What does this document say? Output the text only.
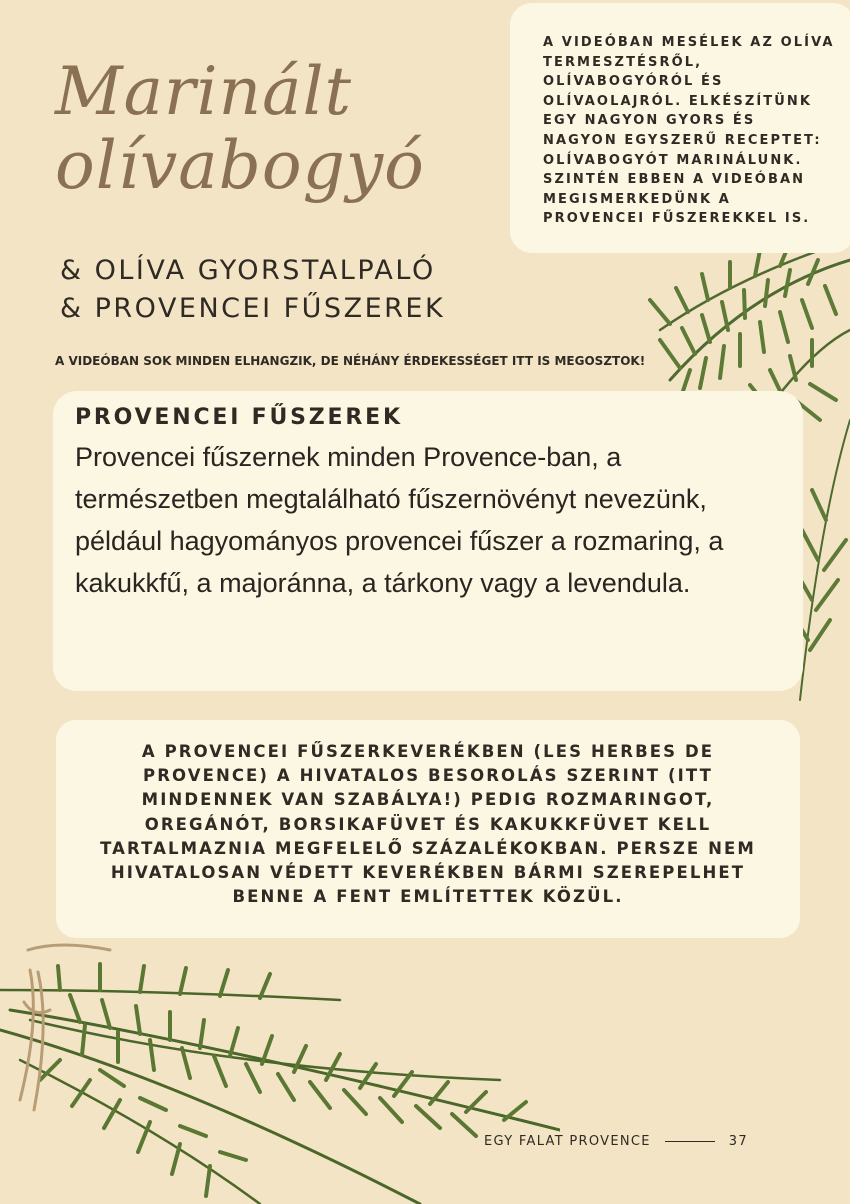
A VIDEÓBAN MESÉLEK AZ OLÍVA TERMESZTÉSRŐL, OLÍVABOGYÓRÓL ÉS OLÍVAOLAJRÓL. ELKÉSZÍTÜNK EGY NAGYON GYORS ÉS NAGYON EGYSZERŰ RECEPTET: OLÍVABOGYÓT MARINÁLUNK. SZINTÉN EBBEN A VIDEÓBAN MEGISMERKEDÜNK A PROVENCEI FŰSZEREKKEL IS.

Marinált
olívabogyó
& OLÍVA GYORSTALPALÓ
& PROVENCEI FŰSZEREK

A VIDEÓBAN SOK MINDEN ELHANGZIK, DE NÉHÁNY ÉRDEKESSÉGET ITT IS MEGOSZTOK!

PROVENCEI FŰSZEREK

Provencei fűszernek minden Provence-ban, a természetben megtalálható fűszernövényt nevezünk, például hagyományos provencei fűszer a rozmaring, a kakukkfű, a majoránna, a tárkony vagy a levendula.

A PROVENCEI FŰSZERKEVERÉKBEN (LES HERBES DE PROVENCE) A HIVATALOS BESOROLÁS SZERINT (ITT MINDENNEK VAN SZABÁLYA!) PEDIG ROZMARINGOT, OREGÁNÓT, BORSIKAFÜVET ÉS KAKUKKFÜVET KELL TARTALMAZNIA MEGFELELŐ SZÁZALÉKOKBAN. PERSZE NEM HIVATALOSAN VÉDETT KEVERÉKBEN BÁRMI SZEREPELHET BENNE A FENT EMLÍTETTEK KÖZÜL.

EGY FALAT PROVENCE	37
